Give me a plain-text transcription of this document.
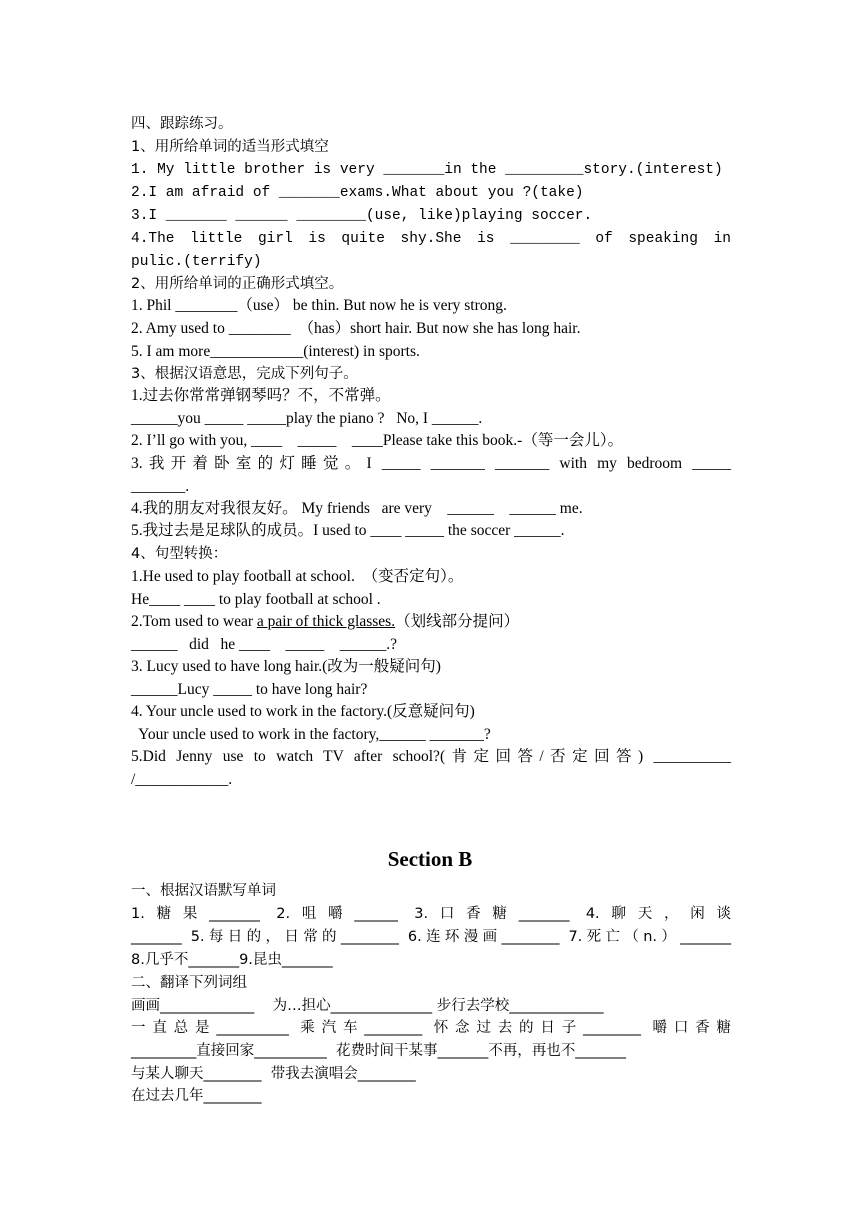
四、跟踪练习。
1、用所给单词的适当形式填空
1. My little brother is very _______in the _________story.(interest)
2.I am afraid of _______exams.What about you ?(take)
3.I _______ ______ ________(use, like)playing soccer.
4.The little girl is quite shy.She is ________ of speaking in
pulic.(terrify)
2、用所给单词的正确形式填空。
1. Phil ________（use） be thin. But now he is very strong.
2. Amy used to ________  （has）short hair. But now she has long hair.
5. I am more____________(interest) in sports.
3、根据汉语意思，完成下列句子。
1.过去你常常弹钢琴吗？不，不常弹。
______you _____ _____play the piano ?   No, I ______.
2. I’ll go with you, ____    _____    ____Please take this book.-（等一会儿）。
3.我开着卧室的灯睡觉。I _____ _______ _______ with my bedroom _____
_______.
4.我的朋友对我很友好。 My friends   are very    ______    ______ me.
5.我过去是足球队的成员。I used to ____ _____ the soccer ______.
4、句型转换：
1.He used to play football at school.  （变否定句）。
He____ ____ to play football at school .
2.Tom used to wear a pair of thick glasses.（划线部分提问）
______   did   he ____    _____    ______.?
3. Lucy used to have long hair.(改为一般疑问句)
______Lucy _____ to have long hair?
4. Your uncle used to work in the factory.(反意疑问句)
Your uncle used to work in the factory,______ _______?
5.Did Jenny use to watch TV after school?(肯定回答/否定回答) __________
/____________.
Section B
一、根据汉语默写单词
1.糖果_______ 2.咀嚼______ 3.口香糖_______ 4.聊天，闲谈
_______ 5.每日的，日常的________ 6.连环漫画________ 7.死亡（n.）_______
8.几乎不_______9.昆虫_______
二、翻译下列词组
画画_____________    为…担心______________ 步行去学校_____________
一直总是__________ 乘汽车________ 怀念过去的日子________ 嚼口香糖
_________直接回家__________  花费时间干某事_______不再，再也不_______
与某人聊天________  带我去演唱会________
在过去几年________
